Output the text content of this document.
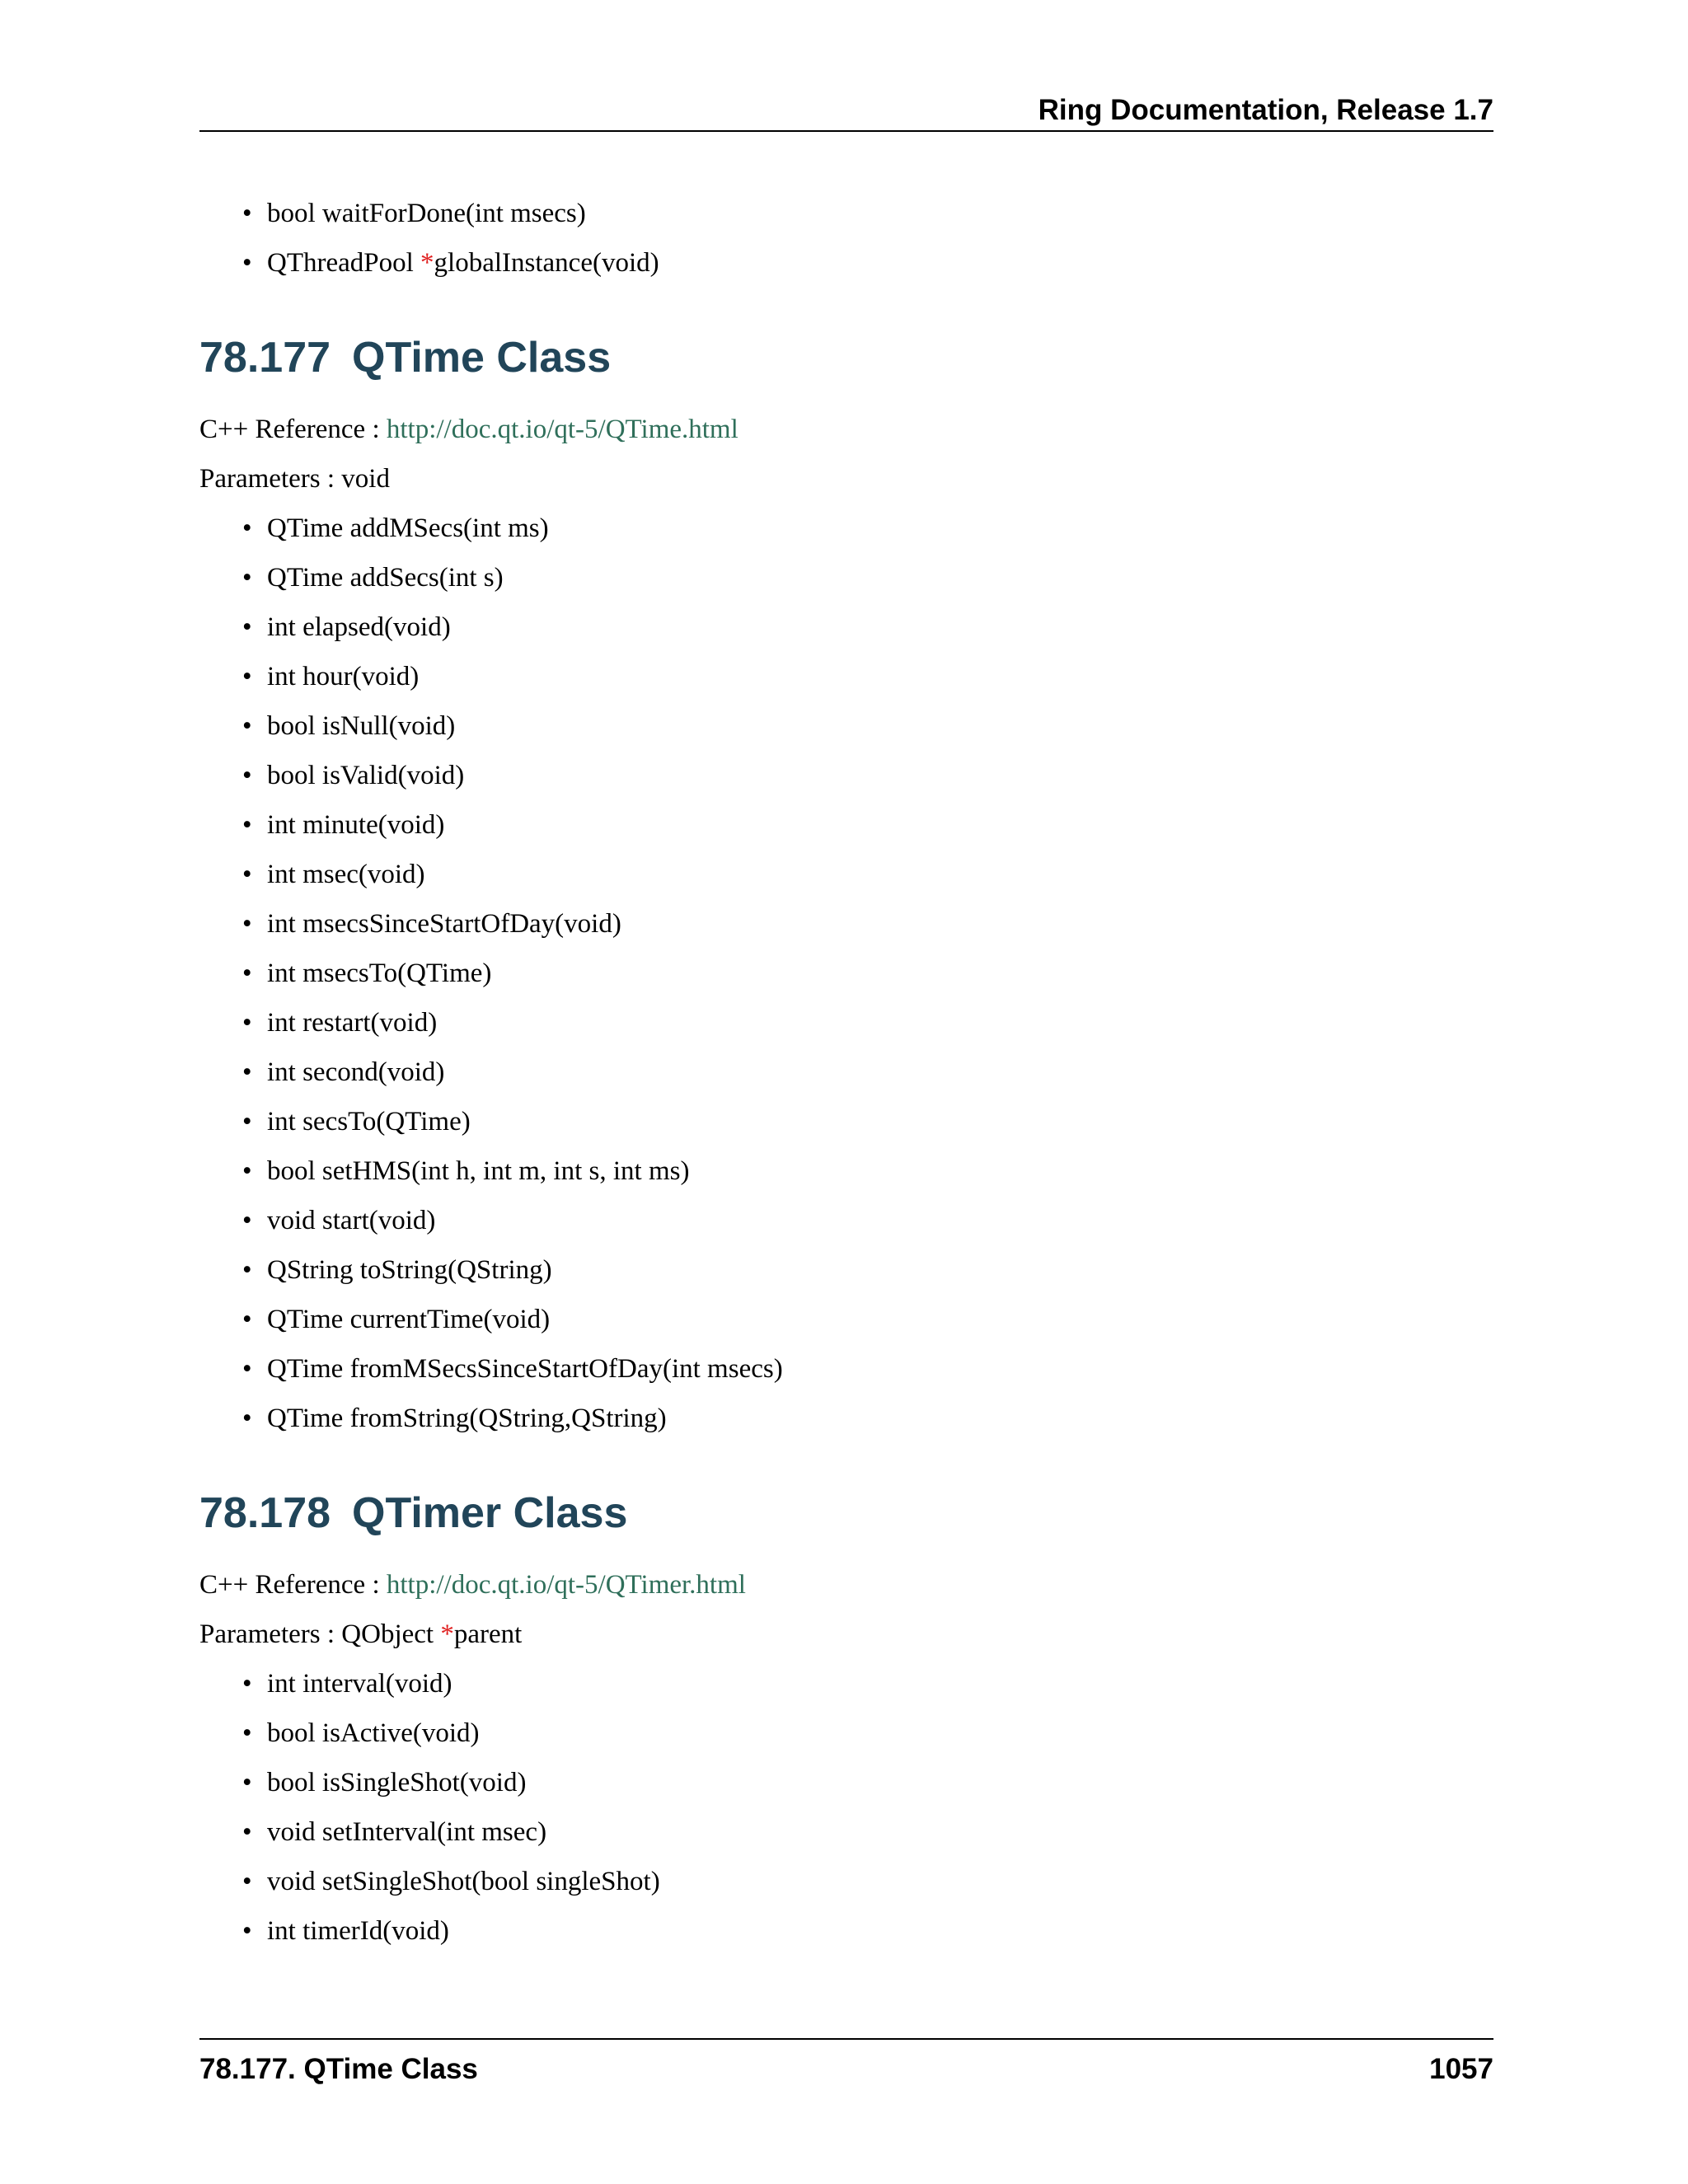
Ring Documentation, Release 1.7
• bool waitForDone(int msecs)
• QThreadPool *globalInstance(void)
78.177 QTime Class
C++ Reference : http://doc.qt.io/qt-5/QTime.html
Parameters : void
• QTime addMSecs(int ms)
• QTime addSecs(int s)
• int elapsed(void)
• int hour(void)
• bool isNull(void)
• bool isValid(void)
• int minute(void)
• int msec(void)
• int msecsSinceStartOfDay(void)
• int msecsTo(QTime)
• int restart(void)
• int second(void)
• int secsTo(QTime)
• bool setHMS(int h, int m, int s, int ms)
• void start(void)
• QString toString(QString)
• QTime currentTime(void)
• QTime fromMSecsSinceStartOfDay(int msecs)
• QTime fromString(QString,QString)
78.178 QTimer Class
C++ Reference : http://doc.qt.io/qt-5/QTimer.html
Parameters : QObject *parent
• int interval(void)
• bool isActive(void)
• bool isSingleShot(void)
• void setInterval(int msec)
• void setSingleShot(bool singleShot)
• int timerId(void)
78.177. QTime Class	1057
